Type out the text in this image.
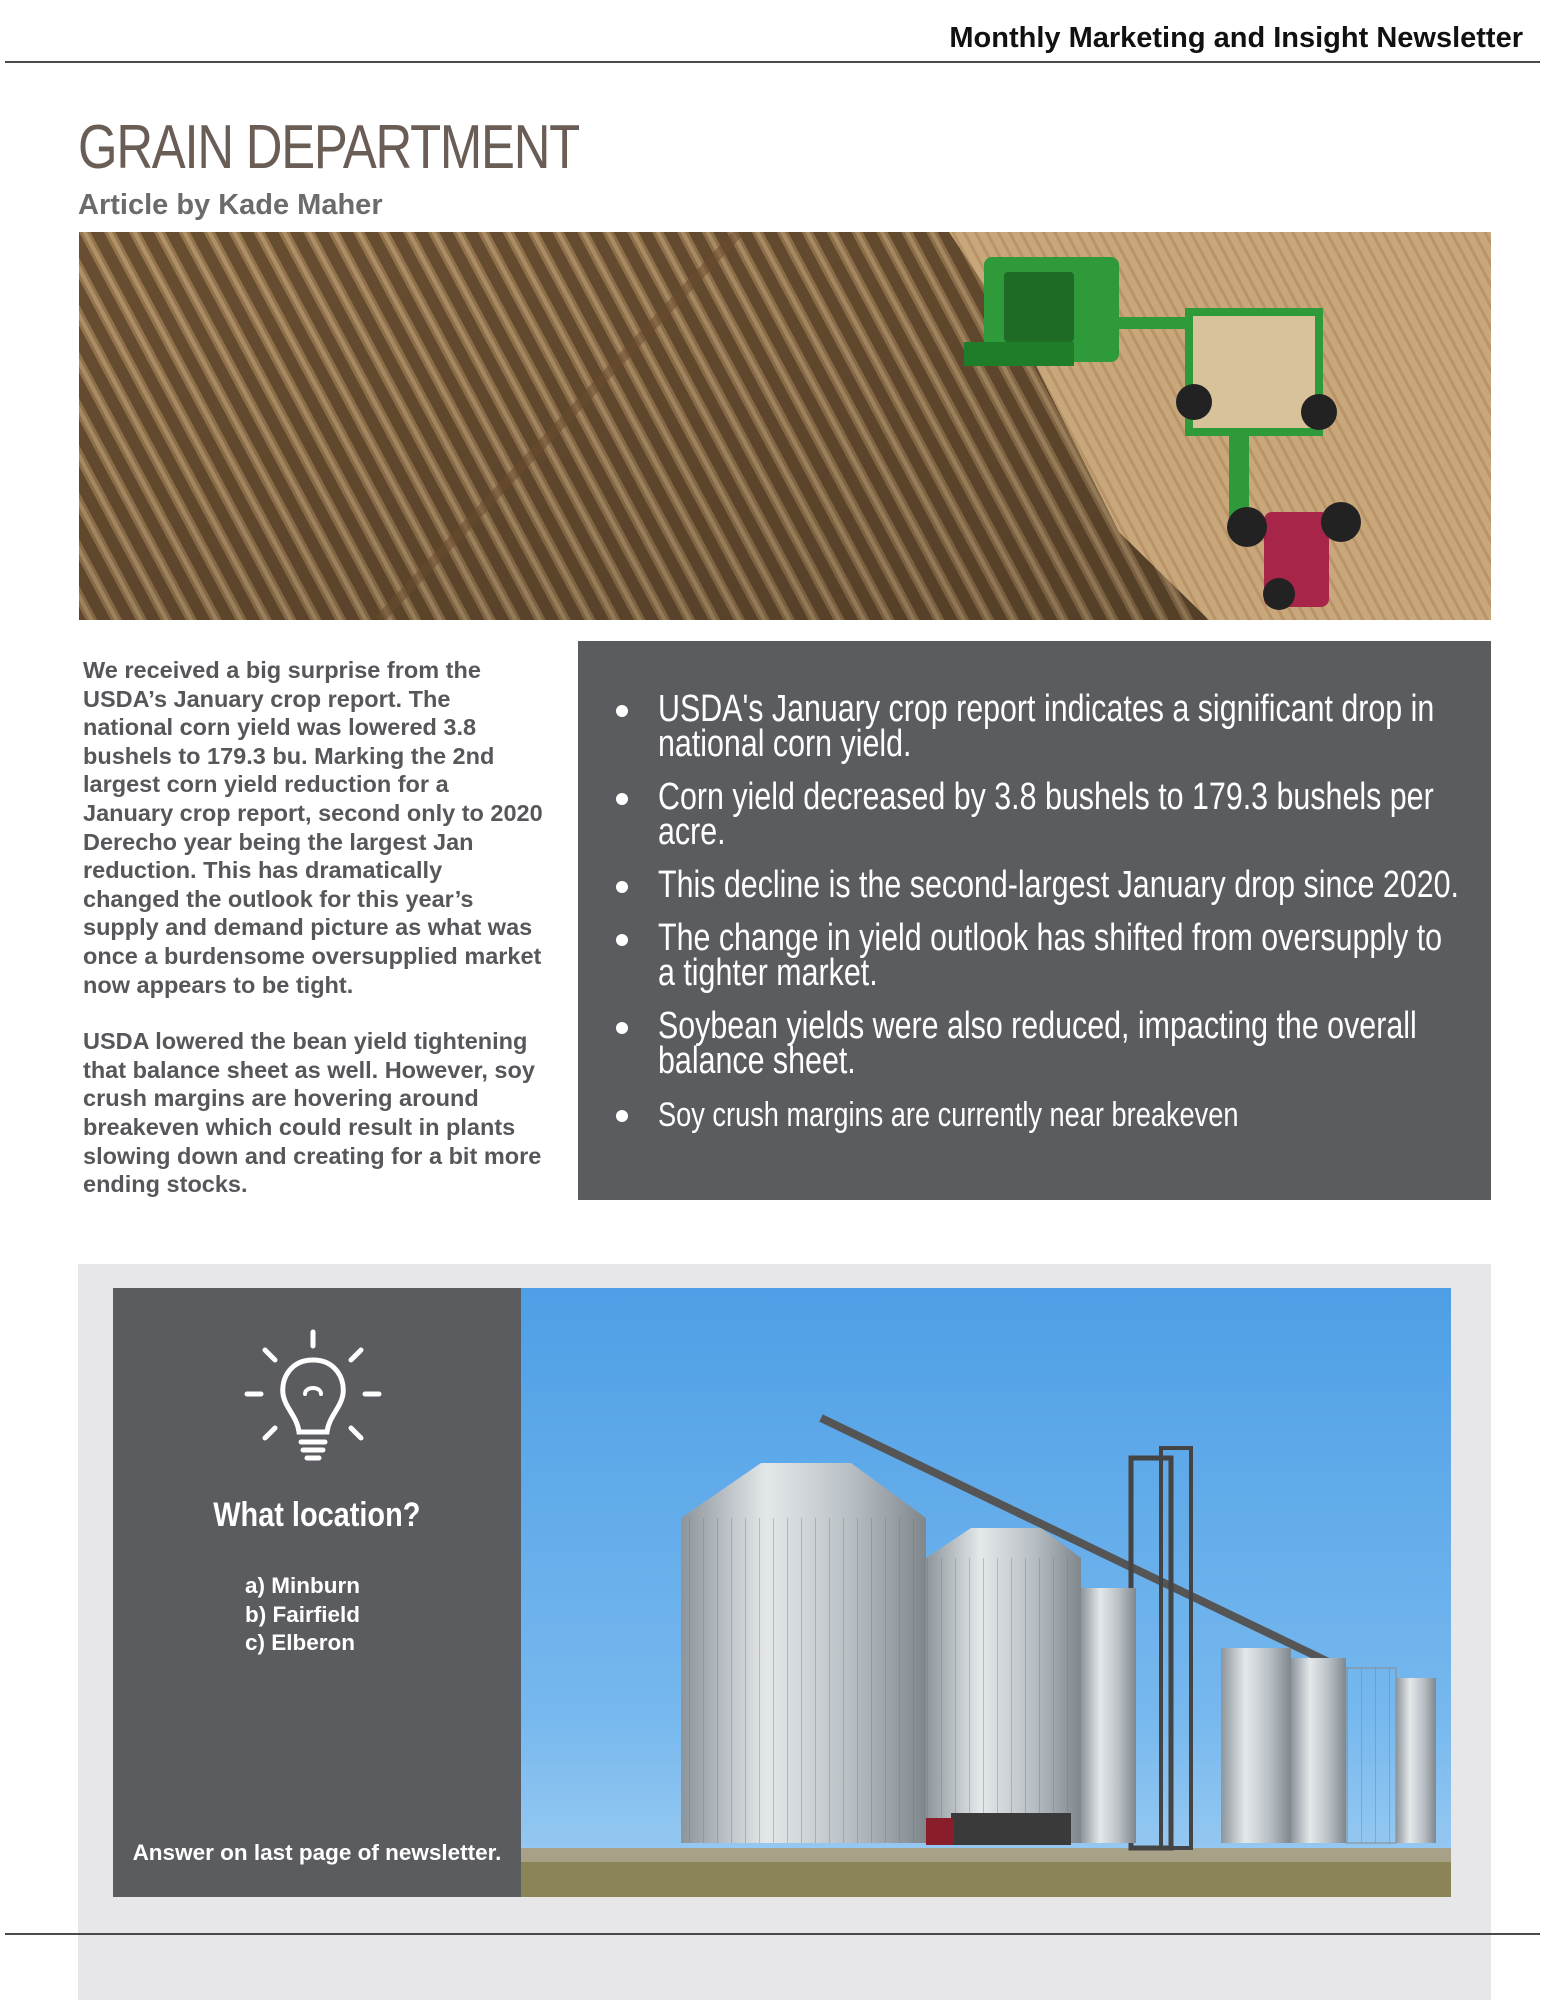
Monthly Marketing and Insight Newsletter
GRAIN DEPARTMENT
Article by Kade Maher

We received a big surprise from the USDA’s January crop report. The national corn yield was lowered 3.8 bushels to 179.3 bu. Marking the 2nd largest corn yield reduction for a January crop report, second only to 2020 Derecho year being the largest Jan reduction. This has dramatically changed the outlook for this year’s supply and demand picture as what was once a burdensome oversupplied market now appears to be tight.

USDA lowered the bean yield tightening that balance sheet as well. However, soy crush margins are hovering around breakeven which could result in plants slowing down and creating for a bit more ending stocks.

USDA's January crop report indicates a significant drop in national corn yield.
Corn yield decreased by 3.8 bushels to 179.3 bushels per acre.
This decline is the second-largest January drop since 2020.
The change in yield outlook has shifted from oversupply to a tighter market.
Soybean yields were also reduced, impacting the overall balance sheet.
Soy crush margins are currently near breakeven
What location?
a) Minburn
b) Fairfield
c) Elberon
Answer on last page of newsletter.
